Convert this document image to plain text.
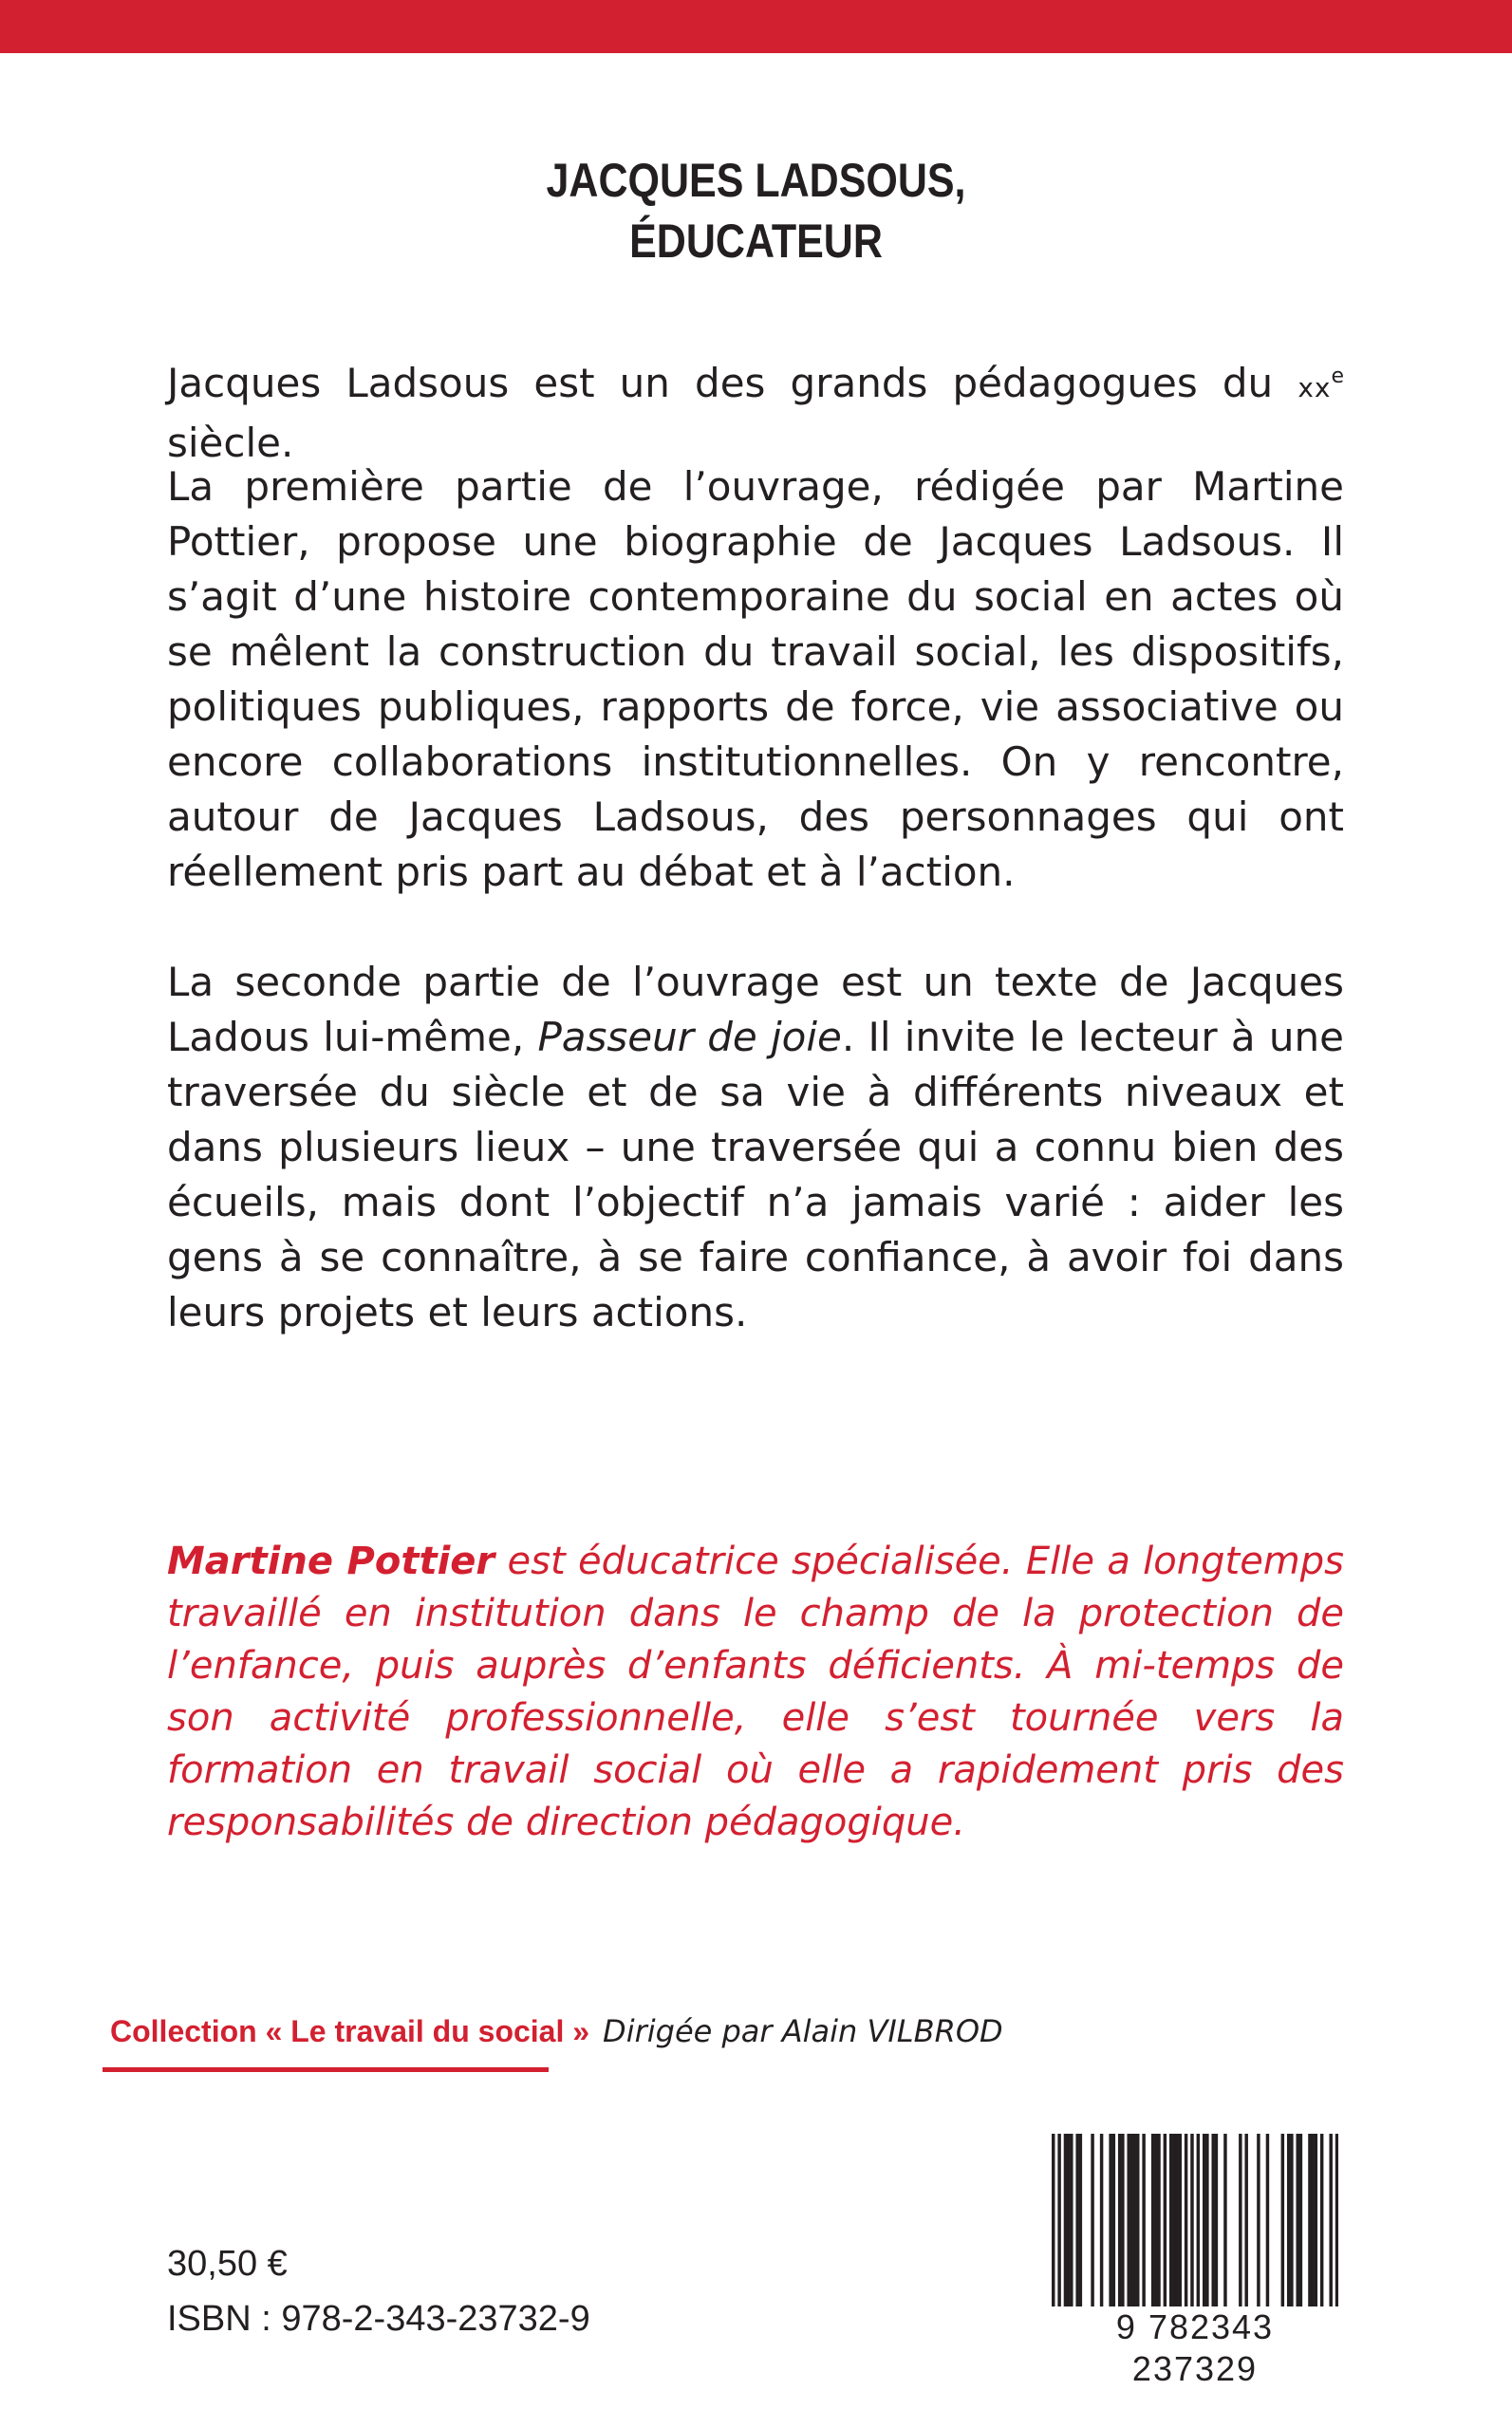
JACQUES LADSOUS,
ÉDUCATEUR

Jacques Ladsous est un des grands pédagogues du $xx^e$ siècle.

La première partie de l’ouvrage, rédigée par Martine Pottier, propose une biographie de Jacques Ladsous. Il s’agit d’une histoire contemporaine du social en actes où se mêlent la construction du travail social, les dispositifs, politiques publiques, rapports de force, vie associative ou encore collaborations institutionnelles. On y rencontre, autour de Jacques Ladsous, des personnages qui ont réellement pris part au débat et à l’action.

La seconde partie de l’ouvrage est un texte de Jacques Ladous lui-même, Passeur de joie. Il invite le lecteur à une traversée du siècle et de sa vie à différents niveaux et dans plusieurs lieux – une traversée qui a connu bien des écueils, mais dont l’objectif n’a jamais varié : aider les gens à se connaître, à se faire confiance, à avoir foi dans leurs projets et leurs actions.

Martine Pottier est éducatrice spécialisée. Elle a longtemps travaillé en institution dans le champ de la protection de l’enfance, puis auprès d’enfants déficients. À mi-temps de son activité professionnelle, elle s’est tournée vers la formation en travail social où elle a rapidement pris des responsabilités de direction pédagogique.

Collection « Le travail du social » Dirigée par Alain VILBROD
30,50 €
ISBN : 978-2-343-23732-9	9 782343 237329
